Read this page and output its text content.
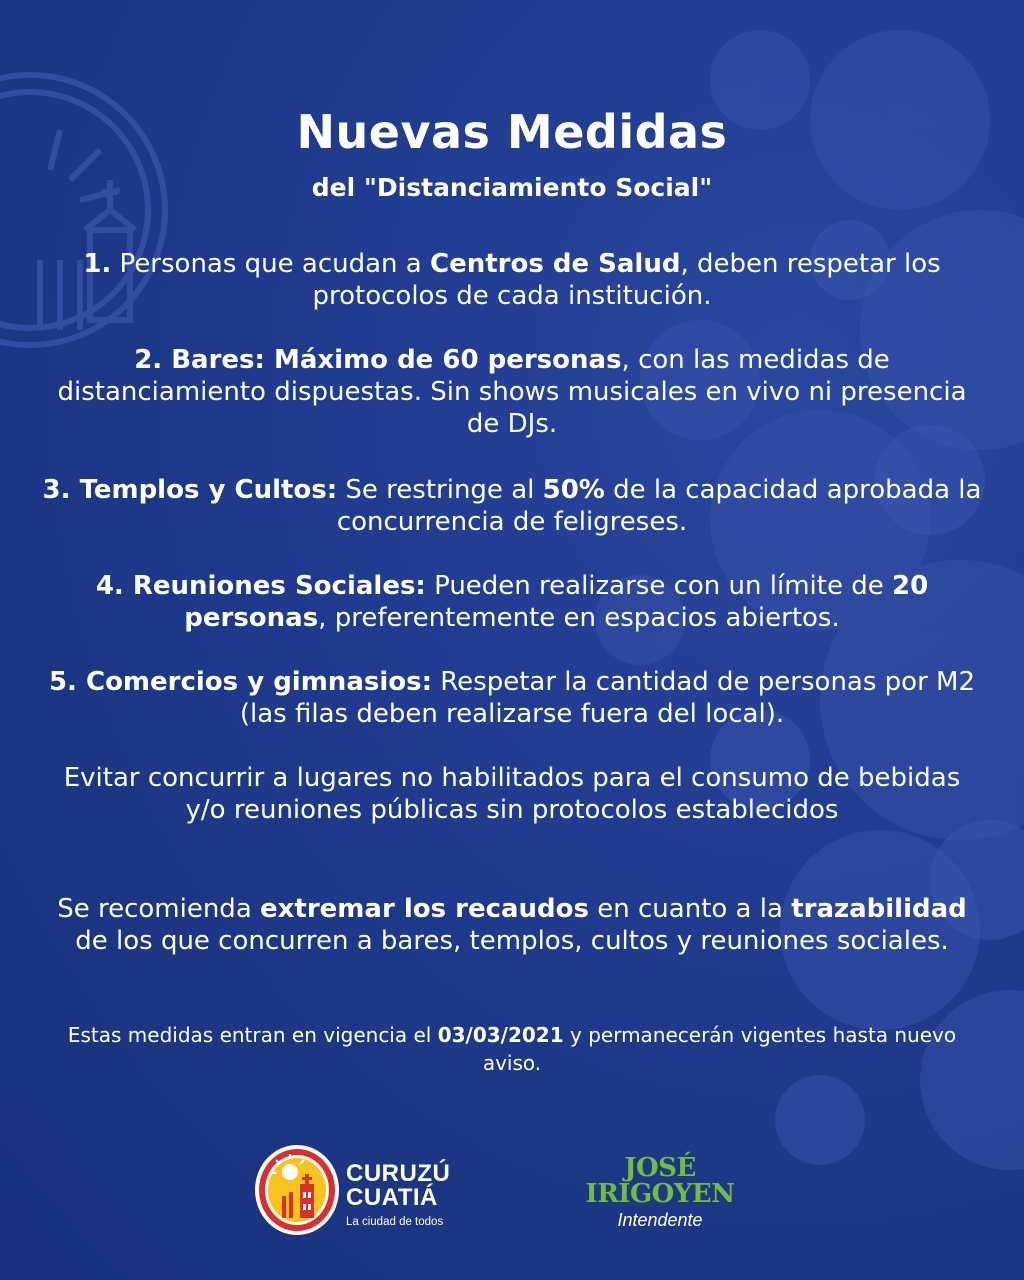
Nuevas Medidas
del "Distanciamiento Social"

1. Personas que acudan a Centros de Salud, deben respetar los protocolos de cada institución.

2. Bares: Máximo de 60 personas, con las medidas de distanciamiento dispuestas. Sin shows musicales en vivo ni presencia de DJs.

3. Templos y Cultos: Se restringe al 50% de la capacidad aprobada la concurrencia de feligreses.

4. Reuniones Sociales: Pueden realizarse con un límite de 20 personas, preferentemente en espacios abiertos.

5. Comercios y gimnasios: Respetar la cantidad de personas por M2 (las filas deben realizarse fuera del local).

Evitar concurrir a lugares no habilitados para el consumo de bebidas y/o reuniones públicas sin protocolos establecidos

Se recomienda extremar los recaudos en cuanto a la trazabilidad de los que concurren a bares, templos, cultos y reuniones sociales.

Estas medidas entran en vigencia el 03/03/2021 y permanecerán vigentes hasta nuevo aviso.

CURUZÚ
CUATIÁ
La ciudad de todos
JOSÉ
IRIGOYEN
Intendente
